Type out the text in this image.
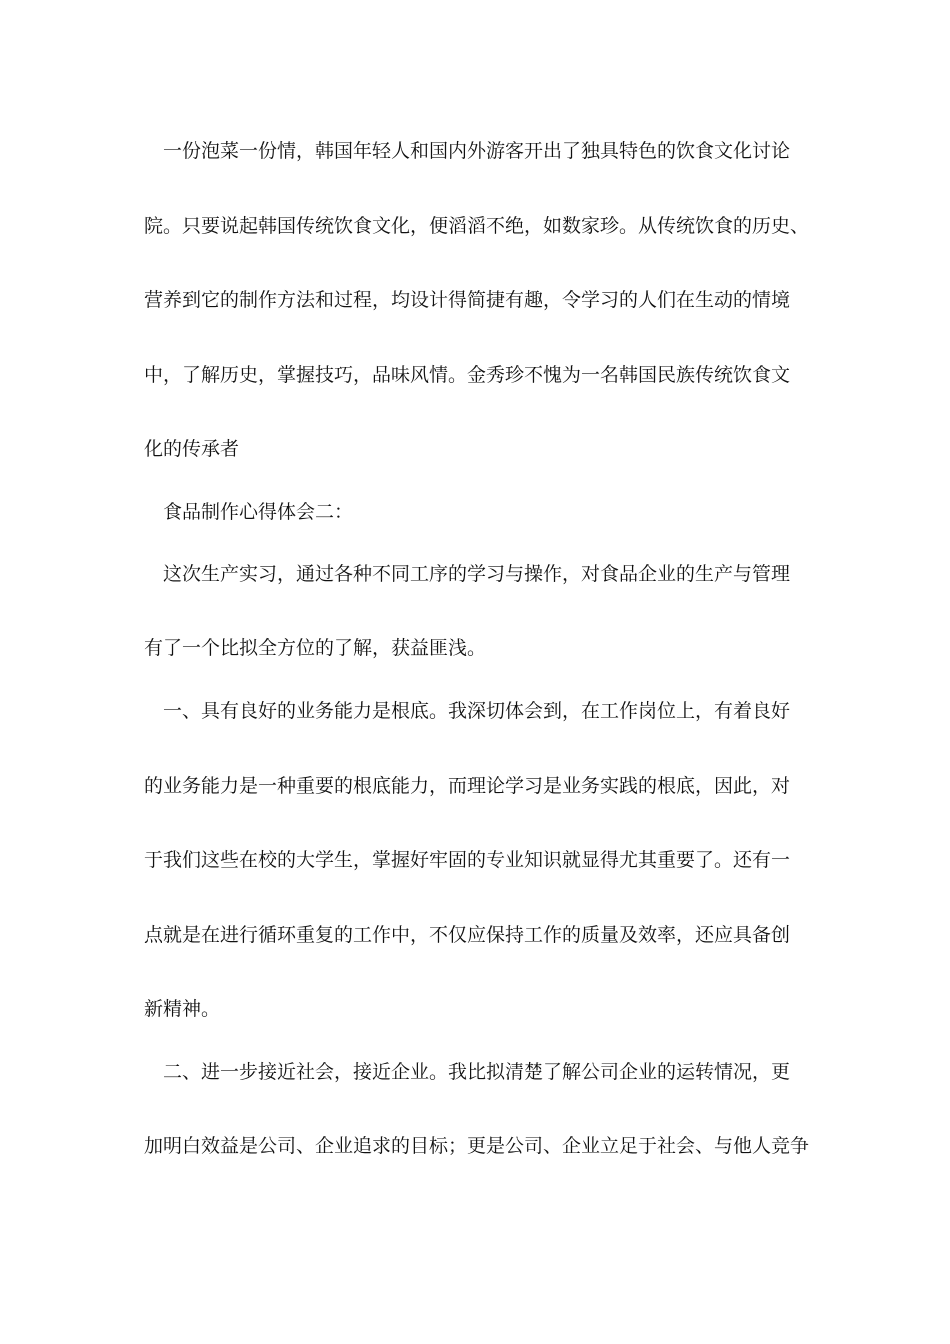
一份泡菜一份情，韩国年轻人和国内外游客开出了独具特色的饮食文化讨论
院。只要说起韩国传统饮食文化，便滔滔不绝，如数家珍。从传统饮食的历史、
营养到它的制作方法和过程，均设计得简捷有趣，令学习的人们在生动的情境
中，了解历史，掌握技巧，品味风情。金秀珍不愧为一名韩国民族传统饮食文
化的传承者
食品制作心得体会二：
这次生产实习，通过各种不同工序的学习与操作，对食品企业的生产与管理
有了一个比拟全方位的了解，获益匪浅。
一、具有良好的业务能力是根底。我深切体会到，在工作岗位上，有着良好
的业务能力是一种重要的根底能力，而理论学习是业务实践的根底，因此，对
于我们这些在校的大学生，掌握好牢固的专业知识就显得尤其重要了。还有一
点就是在进行循环重复的工作中，不仅应保持工作的质量及效率，还应具备创
新精神。
二、进一步接近社会，接近企业。我比拟清楚了解公司企业的运转情况，更
加明白效益是公司、企业追求的目标；更是公司、企业立足于社会、与他人竞争
